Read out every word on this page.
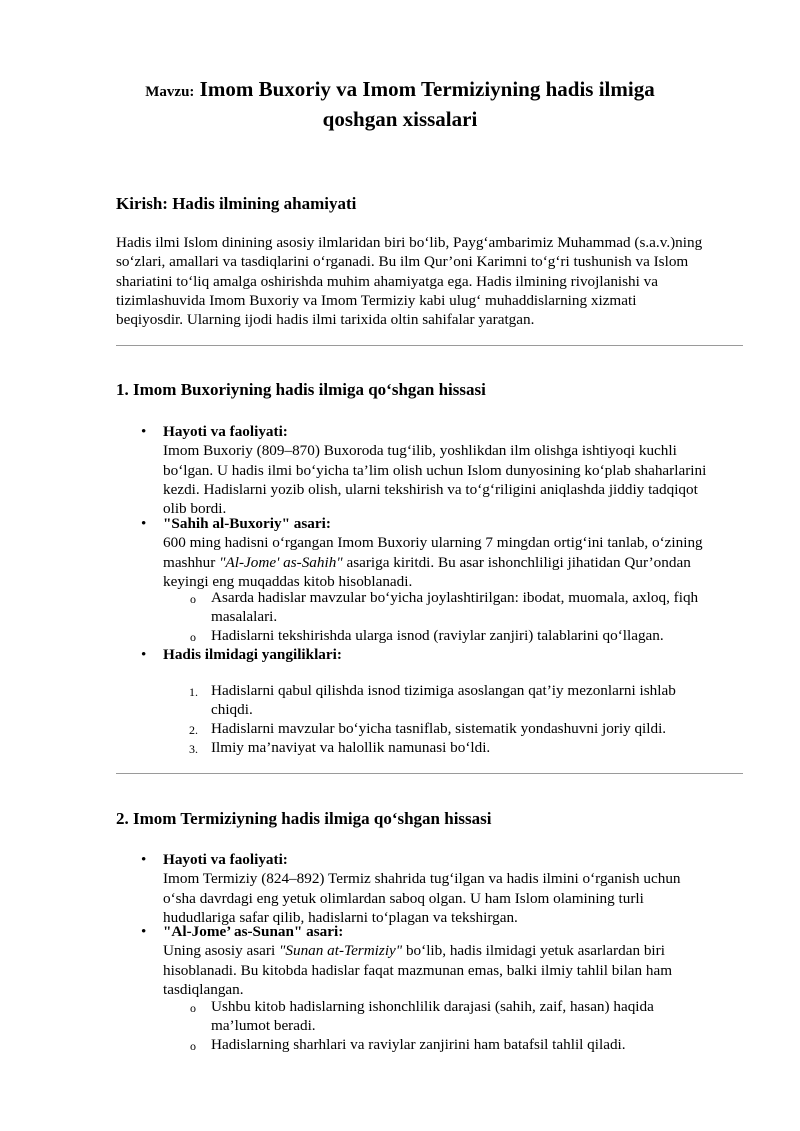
Mavzu: Imom Buxoriy va Imom Termiziyning hadis ilmiga
qoshgan xissalari
Kirish: Hadis ilmining ahamiyati
Hadis ilmi Islom dinining asosiy ilmlaridan biri bo‘lib, Payg‘ambarimiz Muhammad (s.a.v.)ning
so‘zlari, amallari va tasdiqlarini o‘rganadi. Bu ilm Qur’oni Karimni to‘g‘ri tushunish va Islom
shariatini to‘liq amalga oshirishda muhim ahamiyatga ega. Hadis ilmining rivojlanishi va
tizimlashuvida Imom Buxoriy va Imom Termiziy kabi ulug‘ muhaddislarning xizmati
beqiyosdir. Ularning ijodi hadis ilmi tarixida oltin sahifalar yaratgan.
1. Imom Buxoriyning hadis ilmiga qo‘shgan hissasi
• Hayoti va faoliyati:
Imom Buxoriy (809–870) Buxoroda tug‘ilib, yoshlikdan ilm olishga ishtiyoqi kuchli
bo‘lgan. U hadis ilmi bo‘yicha ta’lim olish uchun Islom dunyosining ko‘plab shaharlarini
kezdi. Hadislarni yozib olish, ularni tekshirish va to‘g‘riligini aniqlashda jiddiy tadqiqot
olib bordi.
• "Sahih al-Buxoriy" asari:
600 ming hadisni o‘rgangan Imom Buxoriy ularning 7 mingdan ortig‘ini tanlab, o‘zining
mashhur "Al-Jome' as-Sahih" asariga kiritdi. Bu asar ishonchliligi jihatidan Qur’ondan
keyingi eng muqaddas kitob hisoblanadi.
o Asarda hadislar mavzular bo‘yicha joylashtirilgan: ibodat, muomala, axloq, fiqh
masalalari.
o Hadislarni tekshirishda ularga isnod (raviylar zanjiri) talablarini qo‘llagan.
• Hadis ilmidagi yangiliklari:
1. Hadislarni qabul qilishda isnod tizimiga asoslangan qat’iy mezonlarni ishlab
chiqdi.
2. Hadislarni mavzular bo‘yicha tasniflab, sistematik yondashuvni joriy qildi.
3. Ilmiy ma’naviyat va halollik namunasi bo‘ldi.
2. Imom Termiziyning hadis ilmiga qo‘shgan hissasi
• Hayoti va faoliyati:
Imom Termiziy (824–892) Termiz shahrida tug‘ilgan va hadis ilmini o‘rganish uchun
o‘sha davrdagi eng yetuk olimlardan saboq olgan. U ham Islom olamining turli
hududlariga safar qilib, hadislarni to‘plagan va tekshirgan.
• "Al-Jome’ as-Sunan" asari:
Uning asosiy asari "Sunan at-Termiziy" bo‘lib, hadis ilmidagi yetuk asarlardan biri
hisoblanadi. Bu kitobda hadislar faqat mazmunan emas, balki ilmiy tahlil bilan ham
tasdiqlangan.
o Ushbu kitob hadislarning ishonchlilik darajasi (sahih, zaif, hasan) haqida
ma’lumot beradi.
o Hadislarning sharhlari va raviylar zanjirini ham batafsil tahlil qiladi.
